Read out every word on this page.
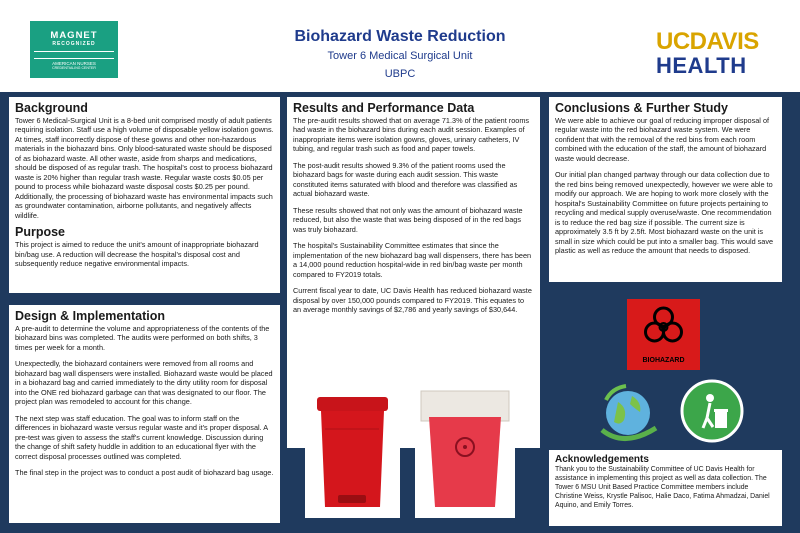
MAGNET
RECOGNIZED
AMERICAN NURSES
CREDENTIALING CENTER
Biohazard Waste Reduction
Tower 6 Medical Surgical Unit
UBPC
UCDAVIS
HEALTH
Background

Tower 6 Medical-Surgical Unit is a 8-bed unit comprised mostly of adult patients requiring isolation. Staff use a high volume of disposable yellow isolation gowns. At times, staff incorrectly dispose of these gowns and other non-hazardous materials in the biohazard bins. Only blood-saturated waste should be disposed of as biohazard waste. All other waste, aside from sharps and medications, should be disposed of as regular trash. The hospital's cost to process biohazard waste is 20% higher than regular trash waste. Regular waste costs $0.05 per pound to process while biohazard waste disposal costs $0.25 per pound. Additionally, the processing of biohazard waste has environmental impacts such as groundwater contamination, airborne pollutants, and negatively affects wildlife.

Purpose

This project is aimed to reduce the unit's amount of inappropriate biohazard bin/bag use. A reduction will decrease the hospital's disposal cost and subsequently reduce negative environmental impacts.

Design & Implementation

A pre-audit to determine the volume and appropriateness of the contents of the biohazard bins was completed. The audits were performed on both shifts, 3 times per week for a month.

Unexpectedly, the biohazard containers were removed from all rooms and biohazard bag wall dispensers were installed. Biohazard waste would be placed in a biohazard bag and carried immediately to the dirty utility room for disposal into the ONE red biohazard garbage can that was designated to our floor. The project plan was remodeled to account for this change.

The next step was staff education. The goal was to inform staff on the differences in biohazard waste versus regular waste and it's proper disposal. A pre-test was given to assess the staff's current knowledge. Discussion during the change of shift safety huddle in addition to an educational flyer with the correct disposal processes outlined was completed.

The final step in the project was to conduct a post audit of biohazard bag usage.

Results and Performance Data

The pre-audit results showed that on average 71.3% of the patient rooms had waste in the biohazard bins during each audit session. Examples of inappropriate items were isolation gowns, gloves, urinary catheters, IV tubing, and regular trash such as food and paper towels.

The post-audit results showed 9.3% of the patient rooms used the biohazard bags for waste during each audit session. This waste constituted items saturated with blood and therefore was classified as actual biohazard waste.

These results showed that not only was the amount of biohazard waste reduced, but also the waste that was being disposed of in the red bags was truly biohazard.

The hospital's Sustainability Committee estimates that since the implementation of the new biohazard bag wall dispensers, there has been a 14,000 pound reduction hospital-wide in red bin/bag waste per month compared to FY2019 totals.

Current fiscal year to date, UC Davis Health has reduced biohazard waste disposal by over 150,000 pounds compared to FY2019. This equates to an average monthly savings of $2,786 and yearly savings of $30,644.

Conclusions & Further Study

We were able to achieve our goal of reducing improper disposal of regular waste into the red biohazard waste system. We were confident that with the removal of the red bins from each room combined with the education of the staff, the amount of biohazard waste would decrease.

Our initial plan changed partway through our data collection due to the red bins being removed unexpectedly, however we were able to modify our approach. We are hoping to work more closely with the hospital's Sustainability Committee on future projects pertaining to recycling and medical supply overuse/waste. One recommendation is to reduce the red bag size if possible. The current size is approximately 3.5 ft by 2.5ft. Most biohazard waste on the unit is small in size which could be put into a smaller bag. This would save plastic as well as reduce the amount that needs to disposed.

Acknowledgements

Thank you to the Sustainability Committee of UC Davis Health for assistance in implementing this project as well as data collection. The Tower 6 MSU Unit Based Practice Committee members include Christine Weiss, Krystle Palisoc, Halie Daco, Fatima Ahmadzai, Daniel Aquino, and Emily Torres.

BIOHAZARD
